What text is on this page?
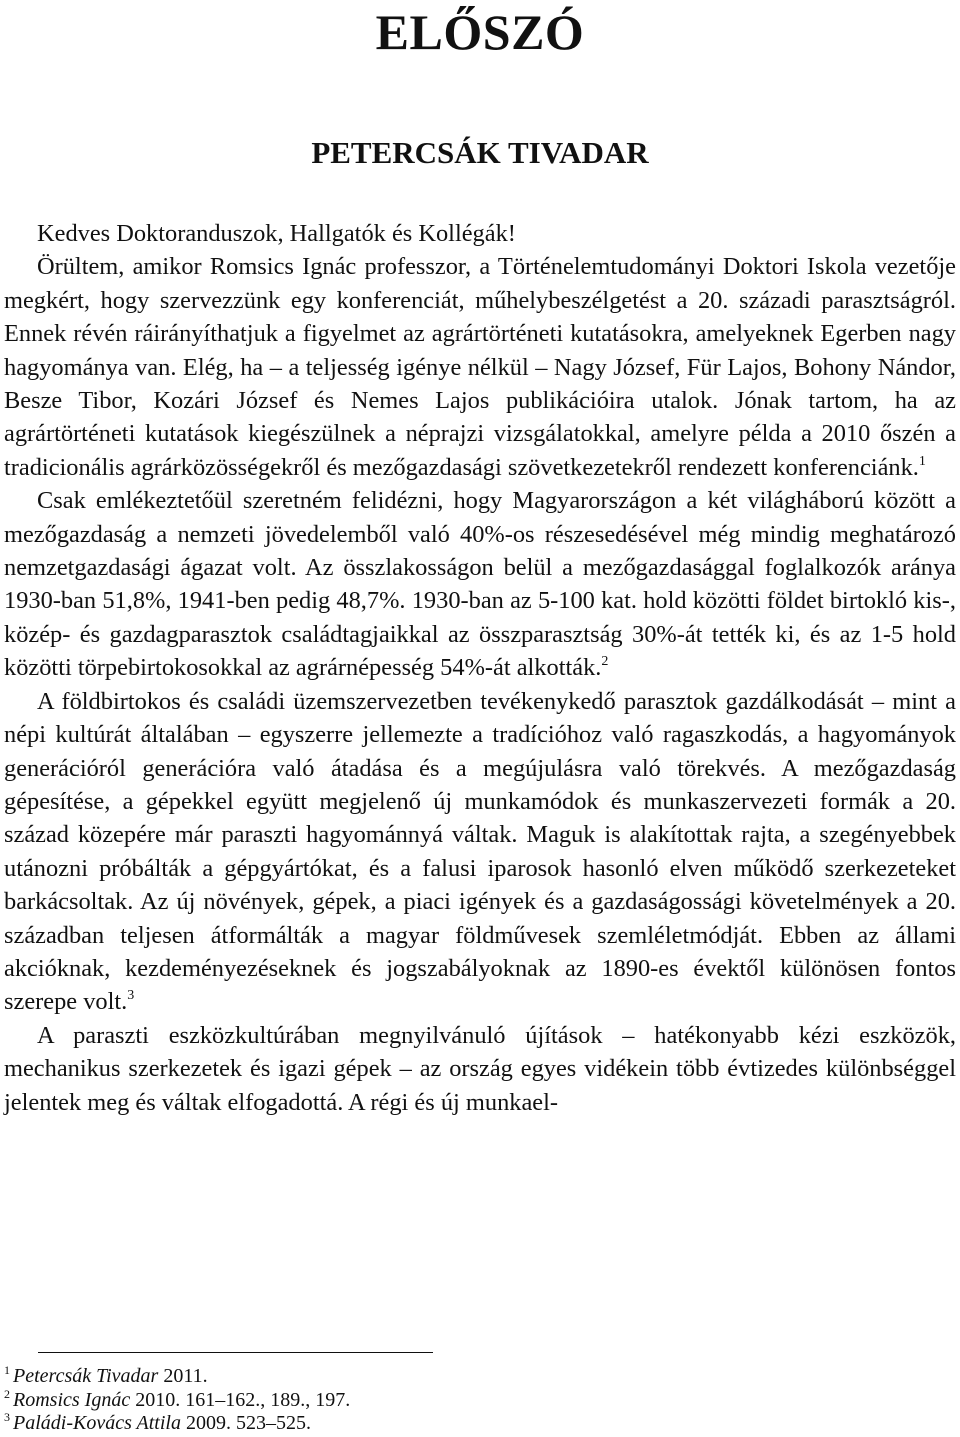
ELŐSZÓ
PETERCSÁK TIVADAR

Kedves Doktoranduszok, Hallgatók és Kollégák!

Örültem, amikor Romsics Ignác professzor, a Történelemtudományi Doktori Iskola vezetője megkért, hogy szervezzünk egy konferenciát, műhelybeszélgetést a 20. századi parasztságról. Ennek révén ráirányíthatjuk a figyelmet az agrártörténeti kutatásokra, amelyeknek Egerben nagy hagyománya van. Elég, ha – a teljesség igénye nélkül – Nagy József, Für Lajos, Bohony Nándor, Besze Tibor, Kozári József és Nemes Lajos publikációira utalok. Jónak tartom, ha az agrártörténeti kutatások kiegészülnek a néprajzi vizsgálatokkal, amelyre példa a 2010 őszén a tradicionális agrárközösségekről és mezőgazdasági szövetkezetekről rendezett konferenciánk.$^1$

Csak emlékeztetőül szeretném felidézni, hogy Magyarországon a két világháború között a mezőgazdaság a nemzeti jövedelemből való 40%-os részesedésével még mindig meghatározó nemzetgazdasági ágazat volt. Az összlakosságon belül a mezőgazdasággal foglalkozók aránya 1930-ban 51,8%, 1941-ben pedig 48,7%. 1930-ban az 5-100 kat. hold közötti földet birtokló kis-, közép- és gazdagparasztok családtagjaikkal az összparasztság 30%-át tették ki, és az 1-5 hold közötti törpebirtokosokkal az agrárnépesség 54%-át alkották.$^2$

A földbirtokos és családi üzemszervezetben tevékenykedő parasztok gazdálkodását – mint a népi kultúrát általában – egyszerre jellemezte a tradícióhoz való ragaszkodás, a hagyományok generációról generációra való átadása és a megújulásra való törekvés. A mezőgazdaság gépesítése, a gépekkel együtt megjelenő új munkamódok és munkaszervezeti formák a 20. század közepére már paraszti hagyománnyá váltak. Maguk is alakítottak rajta, a szegényebbek utánozni próbálták a gépgyártókat, és a falusi iparosok hasonló elven működő szerkezeteket barkácsoltak. Az új növények, gépek, a piaci igények és a gazdaságossági követelmények a 20. században teljesen átformálták a magyar földművesek szemléletmódját. Ebben az állami akcióknak, kezdeményezéseknek és jogszabályoknak az 1890-es évektől különösen fontos szerepe volt.$^3$

A paraszti eszközkultúrában megnyilvánuló újítások – hatékonyabb kézi eszközök, mechanikus szerkezetek és igazi gépek – az ország egyes vidékein több évtizedes különbséggel jelentek meg és váltak elfogadottá. A régi és új munkael-

$^1$ Petercsák Tivadar 2011.

$^2$ Romsics Ignác 2010. 161–162., 189., 197.

$^3$ Paládi-Kovács Attila 2009. 523–525.
